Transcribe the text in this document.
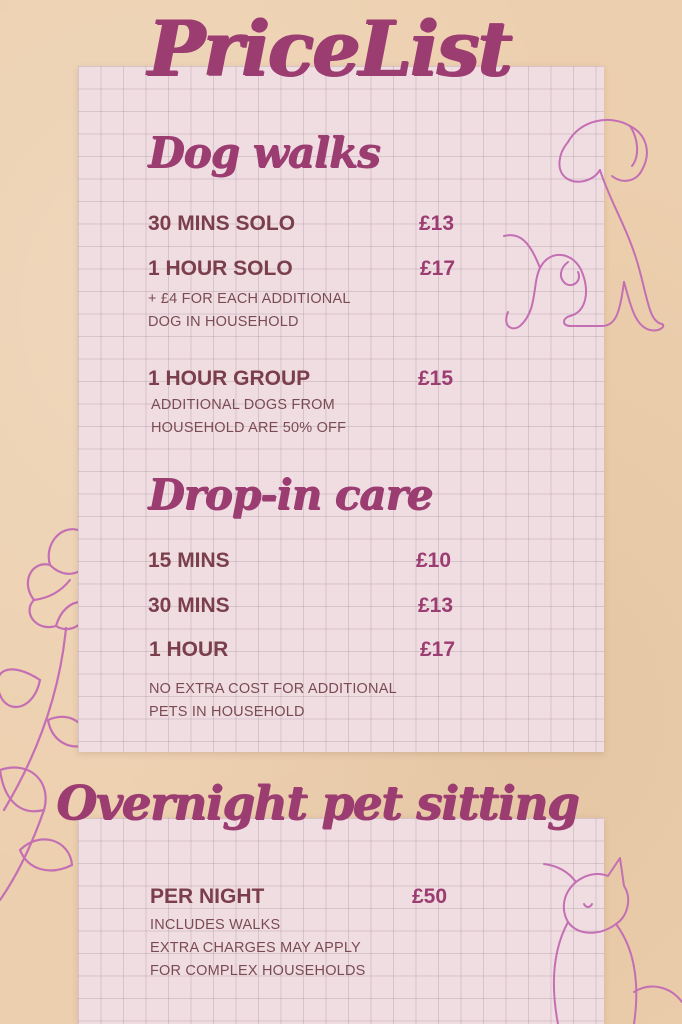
PriceList
Dog walks
30 MINS SOLO	£13
1 HOUR SOLO	£17
+ £4 FOR EACH ADDITIONAL
DOG IN HOUSEHOLD
1 HOUR GROUP	£15
ADDITIONAL DOGS FROM
HOUSEHOLD ARE 50% OFF
Drop-in care
15 MINS	£10
30 MINS	£13
1 HOUR	£17
NO EXTRA COST FOR ADDITIONAL
PETS IN HOUSEHOLD
Overnight pet sitting
PER NIGHT	£50
INCLUDES WALKS
EXTRA CHARGES MAY APPLY
FOR COMPLEX HOUSEHOLDS
